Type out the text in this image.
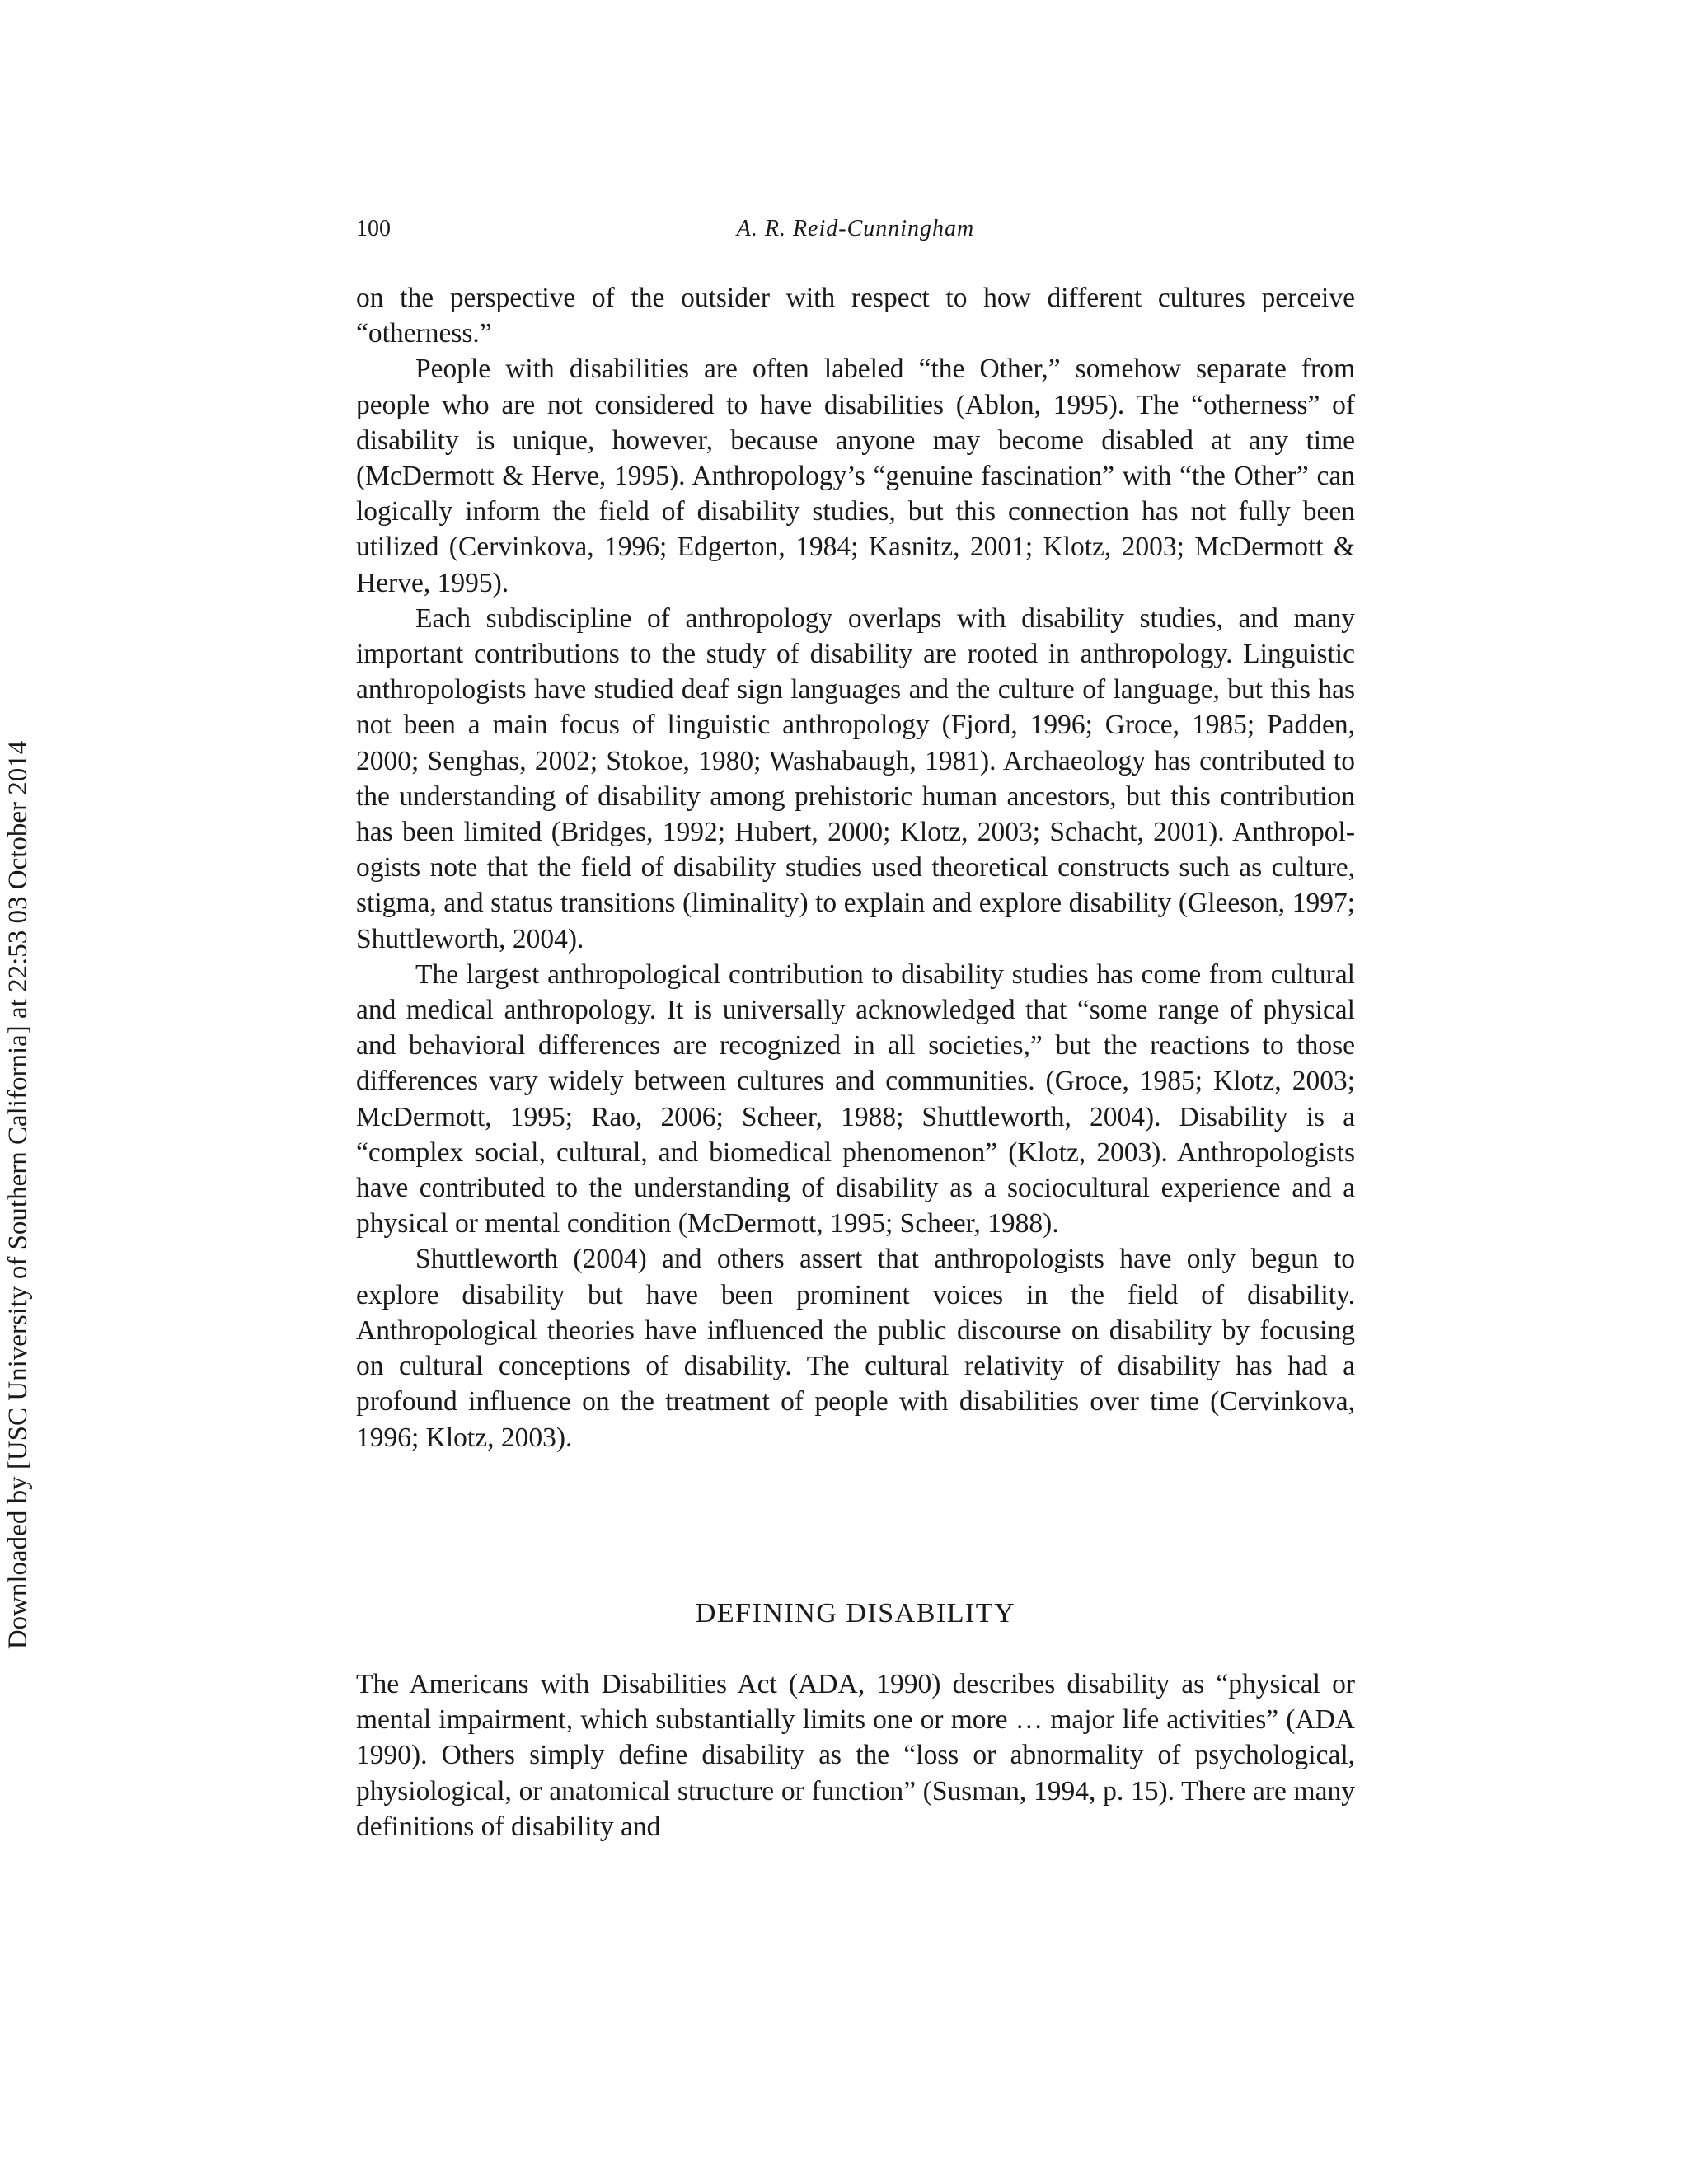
Downloaded by [USC University of Southern California] at 22:53 03 October 2014
100	A. R. Reid-Cunningham

on the perspective of the outsider with respect to how different cultures perceive “otherness.”

People with disabilities are often labeled “the Other,” somehow separate from people who are not considered to have disabilities (Ablon, 1995). The “otherness” of disability is unique, however, because anyone may become disabled at any time (McDermott & Herve, 1995). Anthropology’s “genuine fascination” with “the Other” can logically inform the field of disability studies, but this connection has not fully been utilized (Cervinkova, 1996; Edgerton, 1984; Kasnitz, 2001; Klotz, 2003; McDermott & Herve, 1995).

Each subdiscipline of anthropology overlaps with disability studies, and many important contributions to the study of disability are rooted in anthropology. Linguistic anthropologists have studied deaf sign languages and the culture of language, but this has not been a main focus of linguistic anthropology (Fjord, 1996; Groce, 1985; Padden, 2000; Senghas, 2002; Stokoe, 1980; Washabaugh, 1981). Archaeology has contributed to the understanding of disability among prehistoric human ancestors, but this contribution has been limited (Bridges, 1992; Hubert, 2000; Klotz, 2003; Schacht, 2001). Anthropologists note that the field of disability studies used theoretical constructs such as culture, stigma, and status transitions (liminality) to explain and explore disability (Gleeson, 1997; Shuttleworth, 2004).

The largest anthropological contribution to disability studies has come from cultural and medical anthropology. It is universally acknowledged that “some range of physical and behavioral differences are recognized in all societies,” but the reactions to those differences vary widely between cultures and communities. (Groce, 1985; Klotz, 2003; McDermott, 1995; Rao, 2006; Scheer, 1988; Shuttleworth, 2004). Disability is a “complex social, cultural, and biomedical phenomenon” (Klotz, 2003). Anthropologists have contributed to the understanding of disability as a sociocultural experience and a physical or mental condition (McDermott, 1995; Scheer, 1988).

Shuttleworth (2004) and others assert that anthropologists have only begun to explore disability but have been prominent voices in the field of disability. Anthropological theories have influenced the public discourse on disability by focusing on cultural conceptions of disability. The cultural relativity of disability has had a profound influence on the treatment of people with disabilities over time (Cervinkova, 1996; Klotz, 2003).

DEFINING DISABILITY

The Americans with Disabilities Act (ADA, 1990) describes disability as “physical or mental impairment, which substantially limits one or more … major life activities” (ADA 1990). Others simply define disability as the “loss or abnormality of psychological, physiological, or anatomical structure or function” (Susman, 1994, p. 15). There are many definitions of disability and
